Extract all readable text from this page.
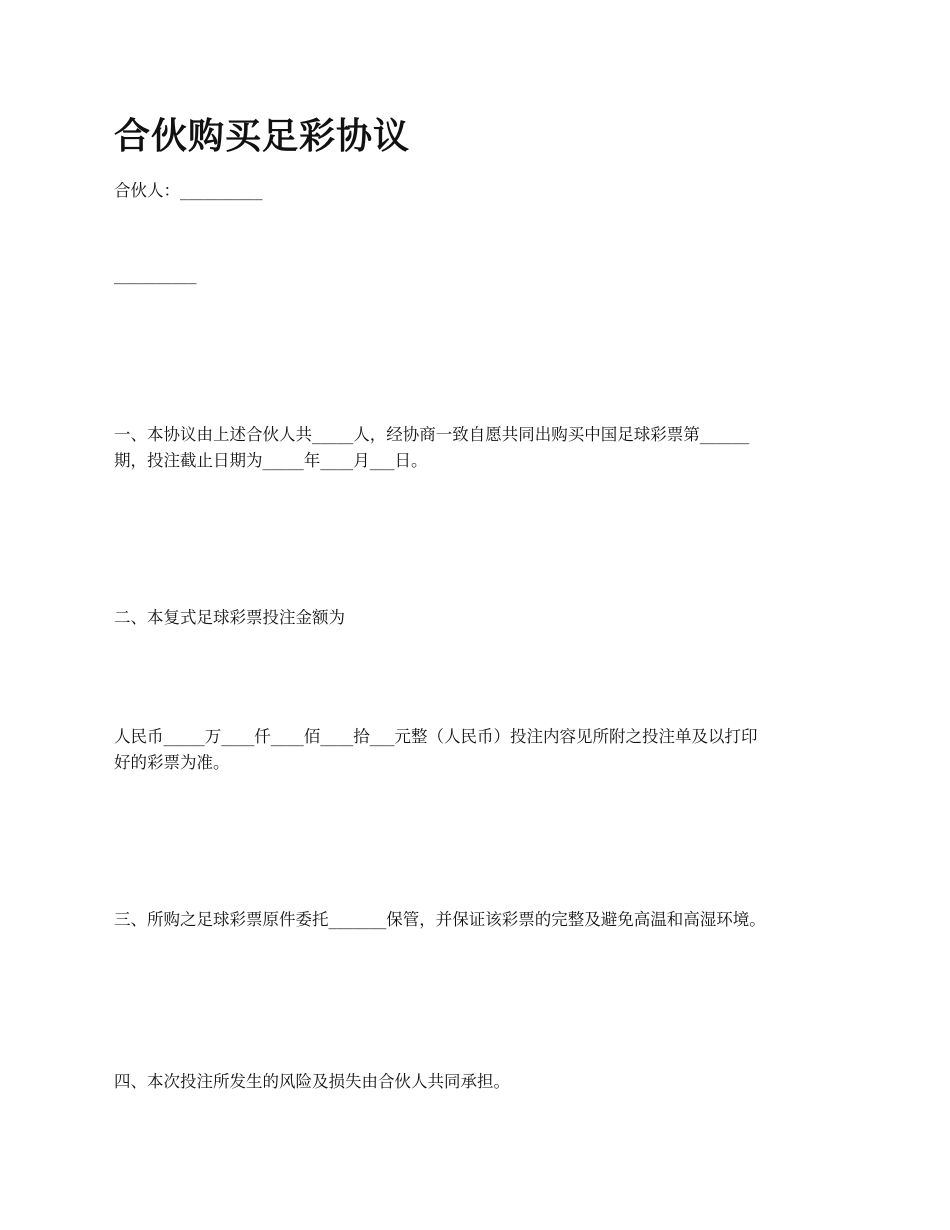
合伙购买足彩协议

合伙人：__________

__________

一、本协议由上述合伙人共_____人，经协商一致自愿共同出购买中国足球彩票第______
期，投注截止日期为_____年____月___日。

二、本复式足球彩票投注金额为

人民币_____万____仟____佰____拾___元整（人民币）投注内容见所附之投注单及以打印
好的彩票为准。

三、所购之足球彩票原件委托_______保管，并保证该彩票的完整及避免高温和高湿环境。

四、本次投注所发生的风险及损失由合伙人共同承担。
